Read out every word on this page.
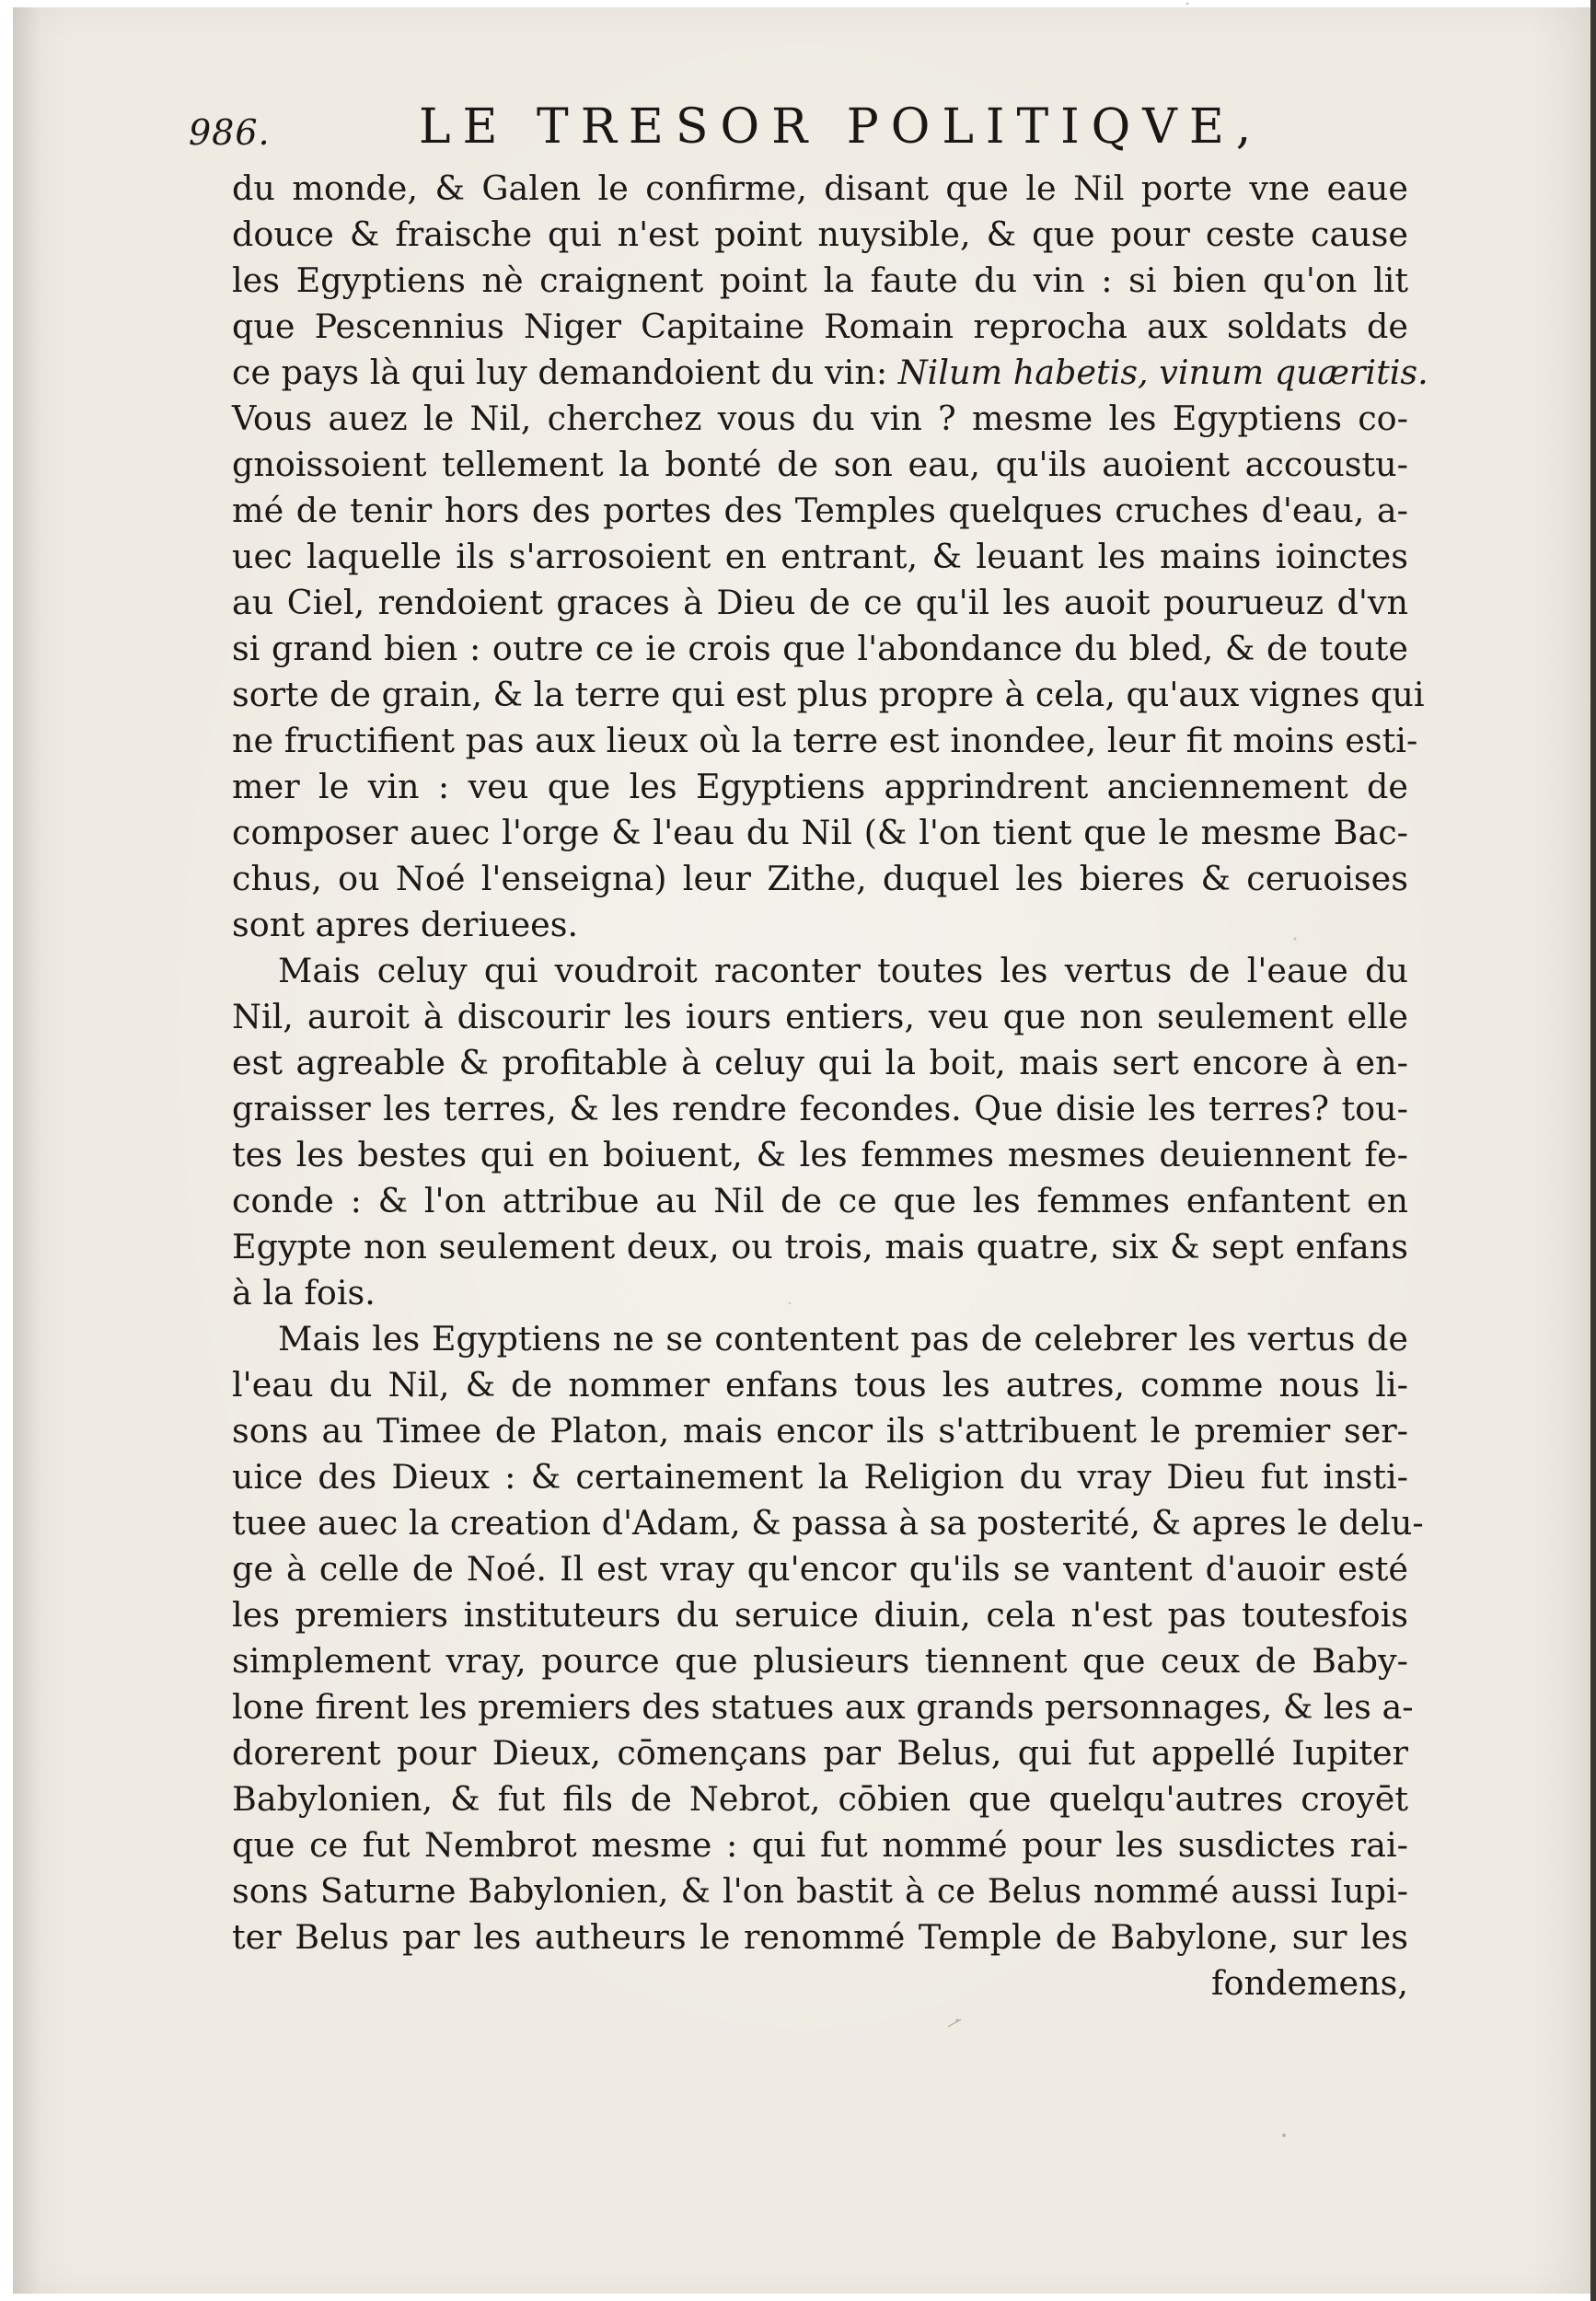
986.	LE TRESOR POLITIQVE,
du monde, & Galen le confirme, disant que le Nil porte vne eaue
douce & fraische qui n'est point nuysible, & que pour ceste cause
les Egyptiens nè craignent point la faute du vin : si bien qu'on lit
que Pescennius Niger Capitaine Romain reprocha aux soldats de
ce pays là qui luy demandoient du vin: Nilum habetis, vinum quæritis.
Vous auez le Nil, cherchez vous du vin ? mesme les Egyptiens co-
gnoissoient tellement la bonté de son eau, qu'ils auoient accoustu-
mé de tenir hors des portes des Temples quelques cruches d'eau, a-
uec laquelle ils s'arrosoient en entrant, & leuant les mains ioinctes
au Ciel, rendoient graces à Dieu de ce qu'il les auoit pourueuz d'vn
si grand bien : outre ce ie crois que l'abondance du bled, & de toute
sorte de grain, & la terre qui est plus propre à cela, qu'aux vignes qui
ne fructifient pas aux lieux où la terre est inondee, leur fit moins esti-
mer le vin : veu que les Egyptiens apprindrent anciennement de
composer auec l'orge & l'eau du Nil (& l'on tient que le mesme Bac-
chus, ou Noé l'enseigna) leur Zithe, duquel les bieres & ceruoises
sont apres deriuees.
Mais celuy qui voudroit raconter toutes les vertus de l'eaue du
Nil, auroit à discourir les iours entiers, veu que non seulement elle
est agreable & profitable à celuy qui la boit, mais sert encore à en-
graisser les terres, & les rendre fecondes. Que disie les terres? tou-
tes les bestes qui en boiuent, & les femmes mesmes deuiennent fe-
conde : & l'on attribue au Nil de ce que les femmes enfantent en
Egypte non seulement deux, ou trois, mais quatre, six & sept enfans
à la fois.
Mais les Egyptiens ne se contentent pas de celebrer les vertus de
l'eau du Nil, & de nommer enfans tous les autres, comme nous li-
sons au Timee de Platon, mais encor ils s'attribuent le premier ser-
uice des Dieux : & certainement la Religion du vray Dieu fut insti-
tuee auec la creation d'Adam, & passa à sa posterité, & apres le delu-
ge à celle de Noé. Il est vray qu'encor qu'ils se vantent d'auoir esté
les premiers instituteurs du seruice diuin, cela n'est pas toutesfois
simplement vray, pource que plusieurs tiennent que ceux de Baby-
lone firent les premiers des statues aux grands personnages, & les a-
dorerent pour Dieux, cōmençans par Belus, qui fut appellé Iupiter
Babylonien, & fut fils de Nebrot, cōbien que quelqu'autres croyēt
que ce fut Nembrot mesme : qui fut nommé pour les susdictes rai-
sons Saturne Babylonien, & l'on bastit à ce Belus nommé aussi Iupi-
ter Belus par les autheurs le renommé Temple de Babylone, sur les
fondemens,
